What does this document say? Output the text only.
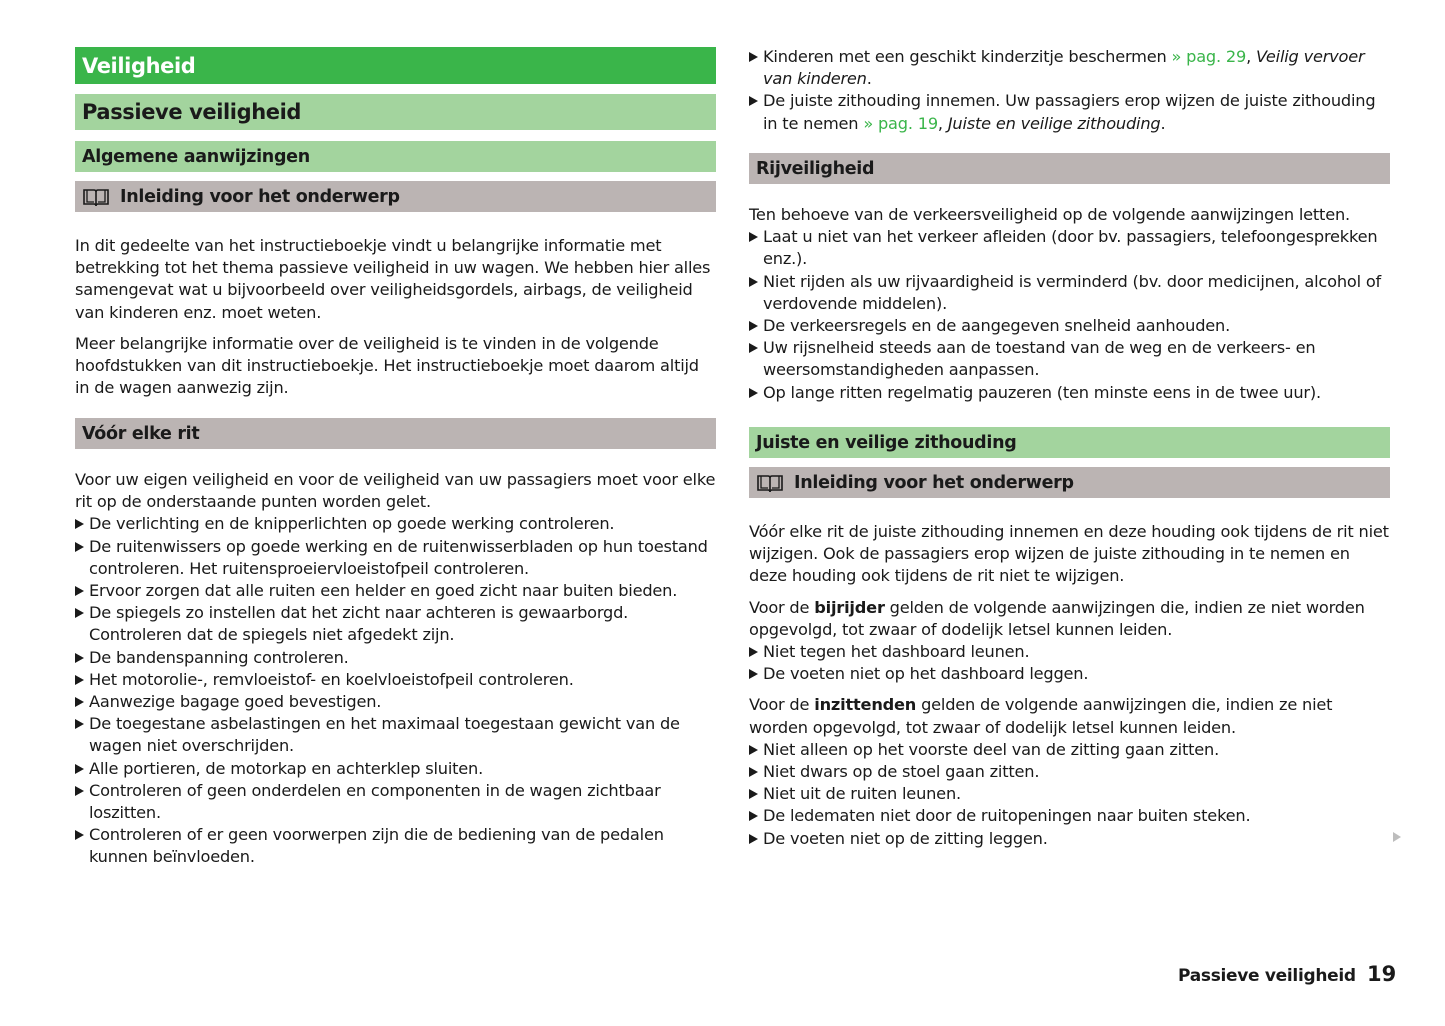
Veiligheid
Passieve veiligheid
Algemene aanwijzingen
Inleiding voor het onderwerp

In dit gedeelte van het instructieboekje vindt u belangrijke informatie met betrekking tot het thema passieve veiligheid in uw wagen. We hebben hier alles samengevat wat u bijvoorbeeld over veiligheidsgordels, airbags, de veiligheid van kinderen enz. moet weten.

Meer belangrijke informatie over de veiligheid is te vinden in de volgende hoofdstukken van dit instructieboekje. Het instructieboekje moet daarom altijd in de wagen aanwezig zijn.

Vóór elke rit

Voor uw eigen veiligheid en voor de veiligheid van uw passagiers moet voor elke rit op de onderstaande punten worden gelet.

De verlichting en de knipperlichten op goede werking controleren.
De ruitenwissers op goede werking en de ruitenwisserbladen op hun toestand controleren. Het ruitensproeiervloeistofpeil controleren.
Ervoor zorgen dat alle ruiten een helder en goed zicht naar buiten bieden.
De spiegels zo instellen dat het zicht naar achteren is gewaarborgd. Controleren dat de spiegels niet afgedekt zijn.
De bandenspanning controleren.
Het motorolie-, remvloeistof- en koelvloeistofpeil controleren.
Aanwezige bagage goed bevestigen.
De toegestane asbelastingen en het maximaal toegestaan gewicht van de wagen niet overschrijden.
Alle portieren, de motorkap en achterklep sluiten.
Controleren of geen onderdelen en componenten in de wagen zichtbaar loszitten.
Controleren of er geen voorwerpen zijn die de bediening van de pedalen kunnen beïnvloeden.
Kinderen met een geschikt kinderzitje beschermen » pag. 29, Veilig vervoer van kinderen.
De juiste zithouding innemen. Uw passagiers erop wijzen de juiste zithouding in te nemen » pag. 19, Juiste en veilige zithouding.
Rijveiligheid

Ten behoeve van de verkeersveiligheid op de volgende aanwijzingen letten.

Laat u niet van het verkeer afleiden (door bv. passagiers, telefoongesprekken enz.).
Niet rijden als uw rijvaardigheid is verminderd (bv. door medicijnen, alcohol of verdovende middelen).
De verkeersregels en de aangegeven snelheid aanhouden.
Uw rijsnelheid steeds aan de toestand van de weg en de verkeers- en weersomstandigheden aanpassen.
Op lange ritten regelmatig pauzeren (ten minste eens in de twee uur).
Juiste en veilige zithouding
Inleiding voor het onderwerp

Vóór elke rit de juiste zithouding innemen en deze houding ook tijdens de rit niet wijzigen. Ook de passagiers erop wijzen de juiste zithouding in te nemen en deze houding ook tijdens de rit niet te wijzigen.

Voor de bijrijder gelden de volgende aanwijzingen die, indien ze niet worden opgevolgd, tot zwaar of dodelijk letsel kunnen leiden.

Niet tegen het dashboard leunen.
De voeten niet op het dashboard leggen.

Voor de inzittenden gelden de volgende aanwijzingen die, indien ze niet worden opgevolgd, tot zwaar of dodelijk letsel kunnen leiden.

Niet alleen op het voorste deel van de zitting gaan zitten.
Niet dwars op de stoel gaan zitten.
Niet uit de ruiten leunen.
De ledematen niet door de ruitopeningen naar buiten steken.
De voeten niet op de zitting leggen.
Passieve veiligheid 19
